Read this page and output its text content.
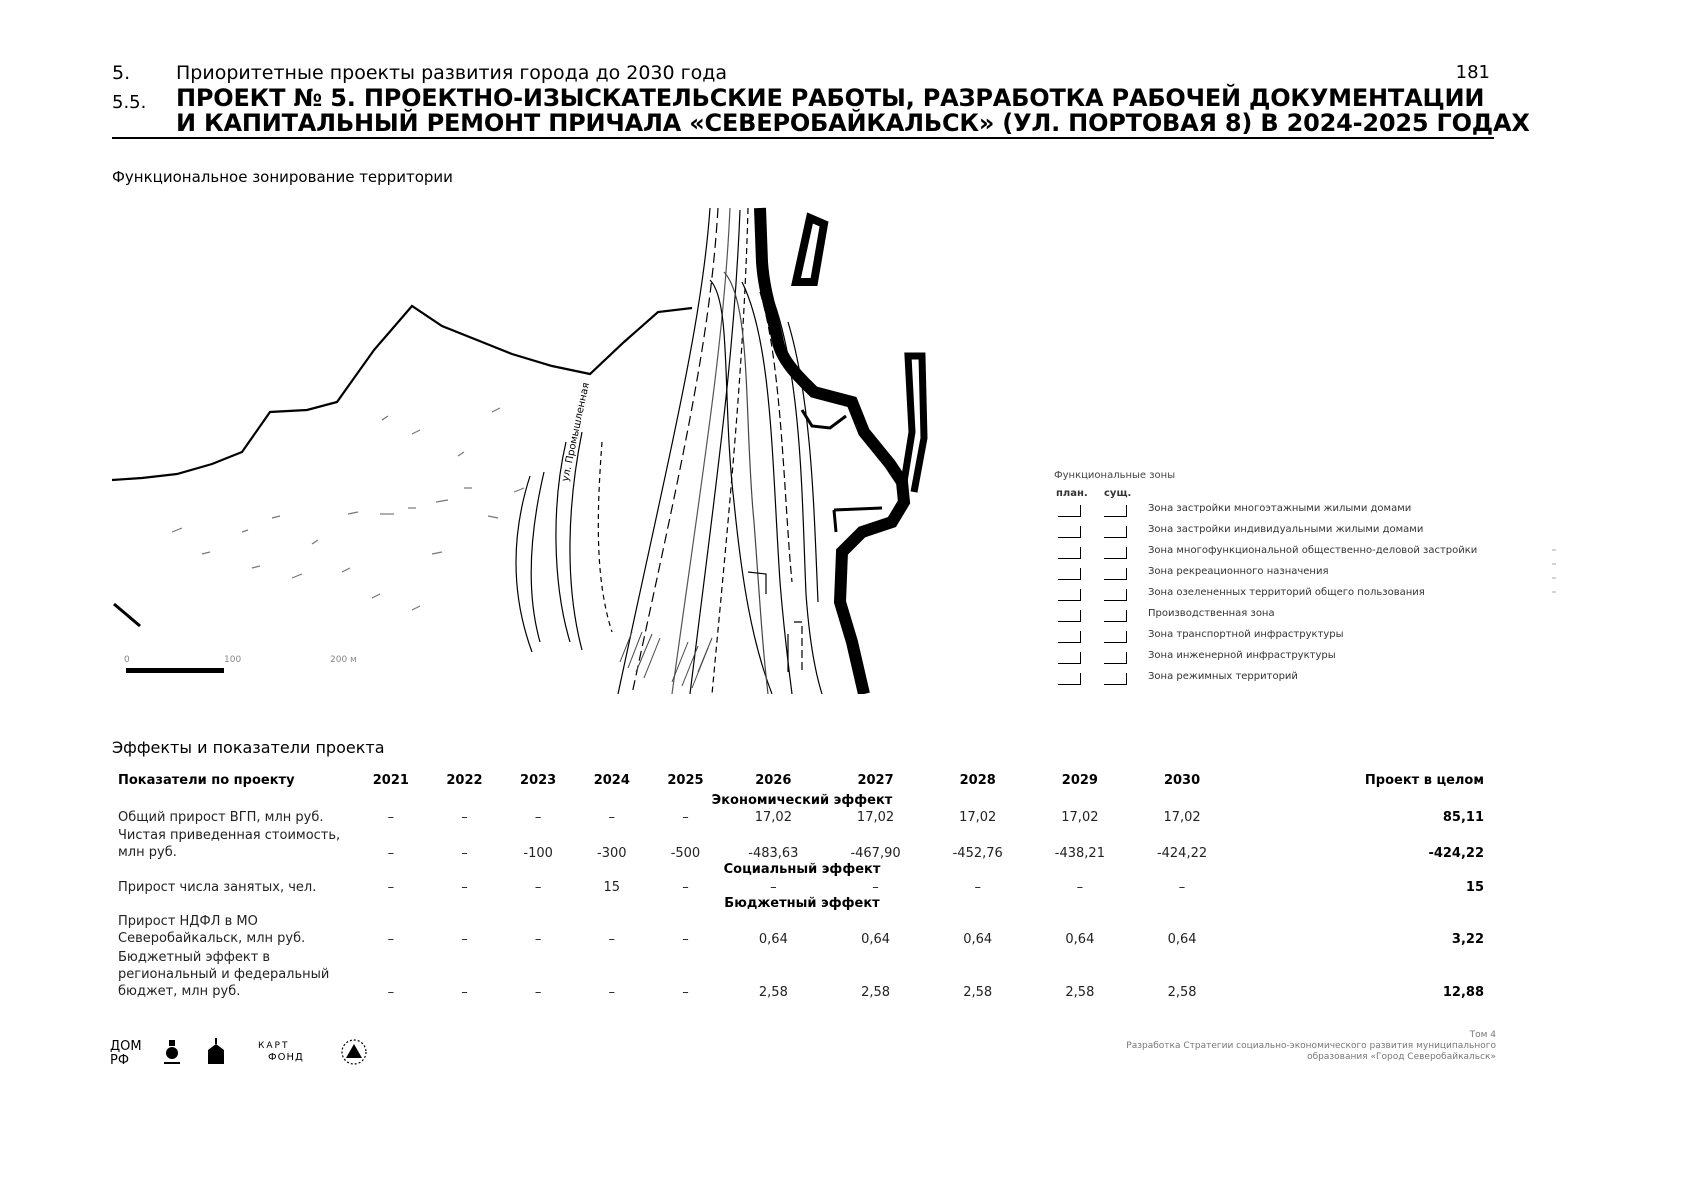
5. Приоритетные проекты развития города до 2030 года	181
5.5. ПРОЕКТ № 5. ПРОЕКТНО-ИЗЫСКАТЕЛЬСКИЕ РАБОТЫ, РАЗРАБОТКА РАБОЧЕЙ ДОКУМЕНТАЦИИ
И КАПИТАЛЬНЫЙ РЕМОНТ ПРИЧАЛА «СЕВЕРОБАЙКАЛЬСК» (УЛ. ПОРТОВАЯ 8) В 2024-2025 ГОДАХ
Функциональное зонирование территории
ул. Промышленная
0	100	200 м
Функциональные зоны
план. сущ.
Зона застройки многоэтажными жилыми домами
Зона застройки индивидуальными жилыми домами
Зона многофункциональной общественно-деловой застройки
Зона рекреационного назначения
Зона озелененных территорий общего пользования
Производственная зона
Зона транспортной инфраструктуры
Зона инженерной инфраструктуры
Зона режимных территорий
Эффекты и показатели проекта
Показатели по проекту	2021	2022	2023	2024	2025	2026	2027	2028	2029	2030	Проект в целом
Экономический эффект											
Общий прирост ВГП, млн руб.	–	–	–	–	–	17,02	17,02	17,02	17,02	17,02	85,11
Чистая приведенная стоимость, млн руб.	–	–	-100	-300	-500	-483,63	-467,90	-452,76	-438,21	-424,22	-424,22
Социальный эффект											
Прирост числа занятых, чел.	–	–	–	15	–	–	–	–	–	–	15
Бюджетный эффект											
Прирост НДФЛ в МО Северобайкальск, млн руб.	–	–	–	–	–	0,64	0,64	0,64	0,64	0,64	3,22
Бюджетный эффект в региональный и федеральный бюджет, млн руб.	–	–	–	–	–	2,58	2,58	2,58	2,58	2,58	12,88
ДОМ
РФ
КАРТ
ФОНД
Том 4
Разработка Стратегии социально-экономического развития муниципального
образования «Город Северобайкальск»
